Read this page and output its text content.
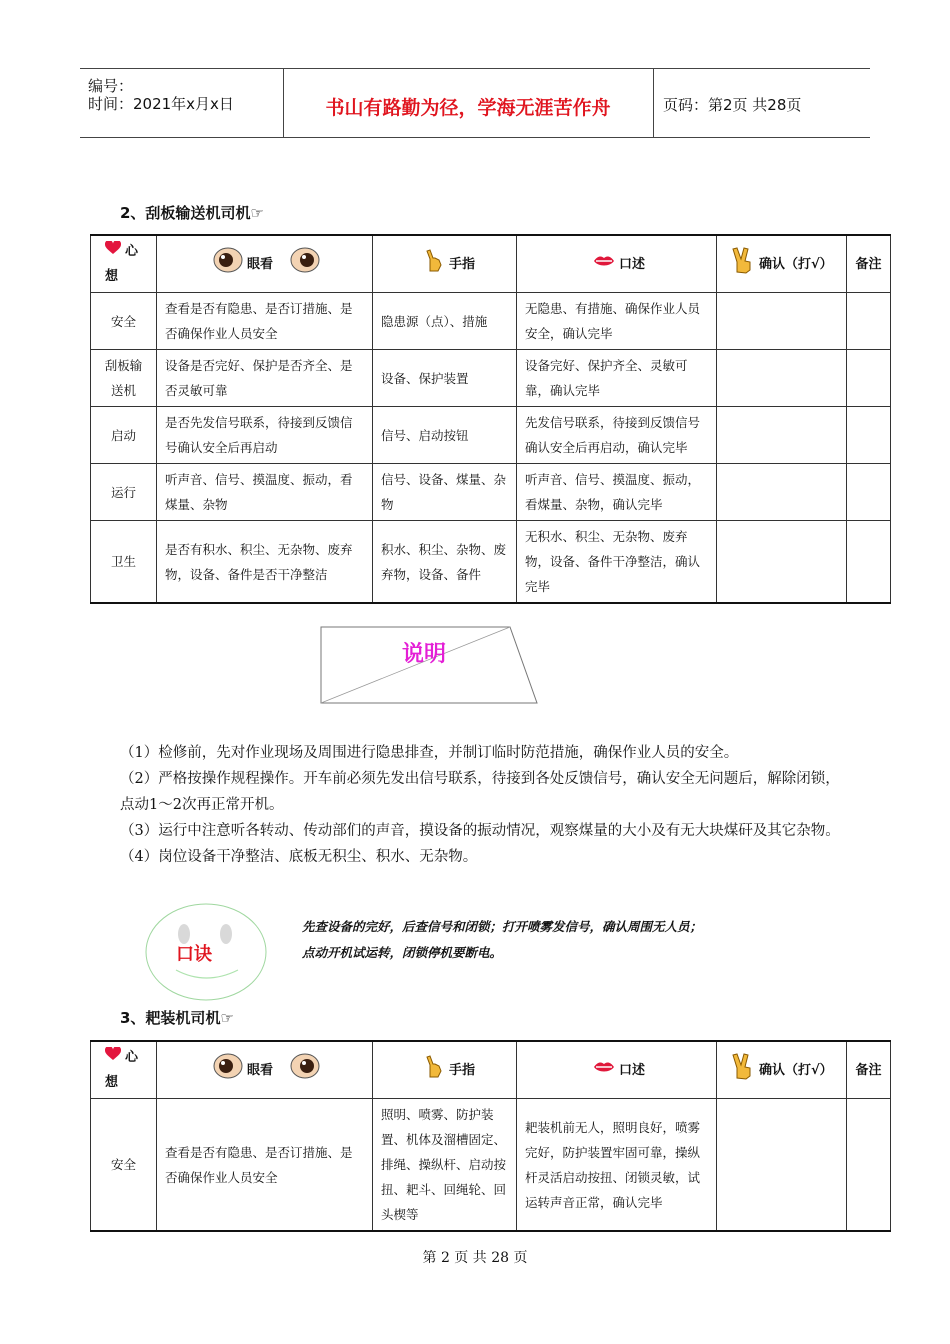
编号：
时间：2021年x月x日	书山有路勤为径，学海无涯苦作舟	页码：第2页 共28页
2、刮板输送机司机☞
心想	眼看	手指	口述	确认（打√）	备注
安全	查看是否有隐患、是否订措施、是否确保作业人员安全	隐患源（点）、措施	无隐患、有措施、确保作业人员安全，确认完毕		
刮板输送机	设备是否完好、保护是否齐全、是否灵敏可靠	设备、保护装置	设备完好、保护齐全、灵敏可靠，确认完毕		
启动	是否先发信号联系，待接到反馈信号确认安全后再启动	信号、启动按钮	先发信号联系，待接到反馈信号确认安全后再启动，确认完毕		
运行	听声音、信号、摸温度、振动，看煤量、杂物	信号、设备、煤量、杂物	听声音、信号、摸温度、振动，看煤量、杂物，确认完毕		
卫生	是否有积水、积尘、无杂物、废弃物，设备、备件是否干净整洁	积水、积尘、杂物、废弃物，设备、备件	无积水、积尘、无杂物、废弃物，设备、备件干净整洁，确认完毕		
说明

（1）检修前，先对作业现场及周围进行隐患排查，并制订临时防范措施，确保作业人员的安全。

（2）严格按操作规程操作。开车前必须先发出信号联系，待接到各处反馈信号，确认安全无问题后，解除闭锁，点动1～2次再正常开机。

（3）运行中注意听各转动、传动部们的声音，摸设备的振动情况，观察煤量的大小及有无大块煤矸及其它杂物。

（4）岗位设备干净整洁、底板无积尘、积水、无杂物。

口诀
先查设备的完好，后查信号和闭锁；打开喷雾发信号，确认周围无人员；
点动开机试运转，闭锁停机要断电。
3、耙装机司机☞
心想	眼看	手指	口述	确认（打√）	备注
安全	查看是否有隐患、是否订措施、是否确保作业人员安全	照明、喷雾、防护装置、机体及溜槽固定、排绳、操纵杆、启动按扭、耙斗、回绳轮、回头楔等	耙装机前无人，照明良好，喷雾完好，防护装置牢固可靠，操纵杆灵活启动按扭、闭锁灵敏，试运转声音正常，确认完毕		
第 2 页 共 28 页
